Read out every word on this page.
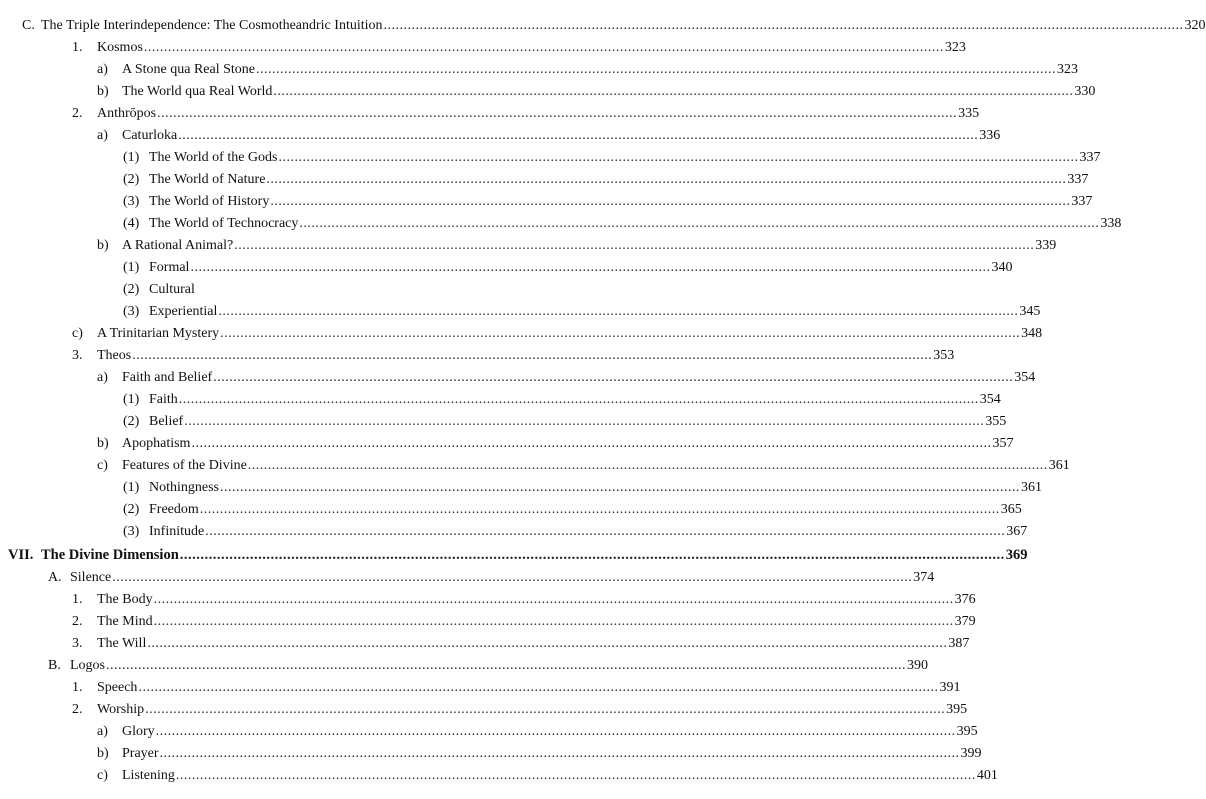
C. The Triple Interindependence: The Cosmotheandric Intuition ........................................................................................................................................................................................................ 320
1.	Kosmos ........................................................................................................................................................................................................ 323
a)	A Stone qua Real Stone ........................................................................................................................................................................................................ 323
b) The World qua Real World ........................................................................................................................................................................................................ 330
2.	Anthrōpos ........................................................................................................................................................................................................ 335
a)	Caturloka ........................................................................................................................................................................................................ 336
(1) The World of the Gods ........................................................................................................................................................................................................ 337
(2) The World of Nature ........................................................................................................................................................................................................ 337
(3) The World of History ........................................................................................................................................................................................................ 337
(4) The World of Technocracy ........................................................................................................................................................................................................ 338
b) A Rational Animal? ........................................................................................................................................................................................................ 339
(1) Formal ........................................................................................................................................................................................................ 340
(2) Cultural
(3) Experiential ........................................................................................................................................................................................................ 345
c)	A Trinitarian Mystery ........................................................................................................................................................................................................ 348
3.	Theos ........................................................................................................................................................................................................ 353
a)	Faith and Belief ........................................................................................................................................................................................................ 354
(1) Faith ........................................................................................................................................................................................................ 354
(2) Belief ........................................................................................................................................................................................................ 355
b) Apophatism ........................................................................................................................................................................................................ 357
c)	Features of the Divine ........................................................................................................................................................................................................ 361
(1) Nothingness ........................................................................................................................................................................................................ 361
(2) Freedom ........................................................................................................................................................................................................ 365
(3) Infinitude ........................................................................................................................................................................................................ 367
VII. The Divine Dimension ........................................................................................................................................................................................................ 369
A. Silence ........................................................................................................................................................................................................ 374
1.	The Body ........................................................................................................................................................................................................ 376
2.	The Mind ........................................................................................................................................................................................................ 379
3.	The Will ........................................................................................................................................................................................................ 387
B. Logos ........................................................................................................................................................................................................ 390
1.	Speech ........................................................................................................................................................................................................ 391
2.	Worship ........................................................................................................................................................................................................ 395
a)	Glory ........................................................................................................................................................................................................ 395
b) Prayer ........................................................................................................................................................................................................ 399
c)	Listening ........................................................................................................................................................................................................ 401
